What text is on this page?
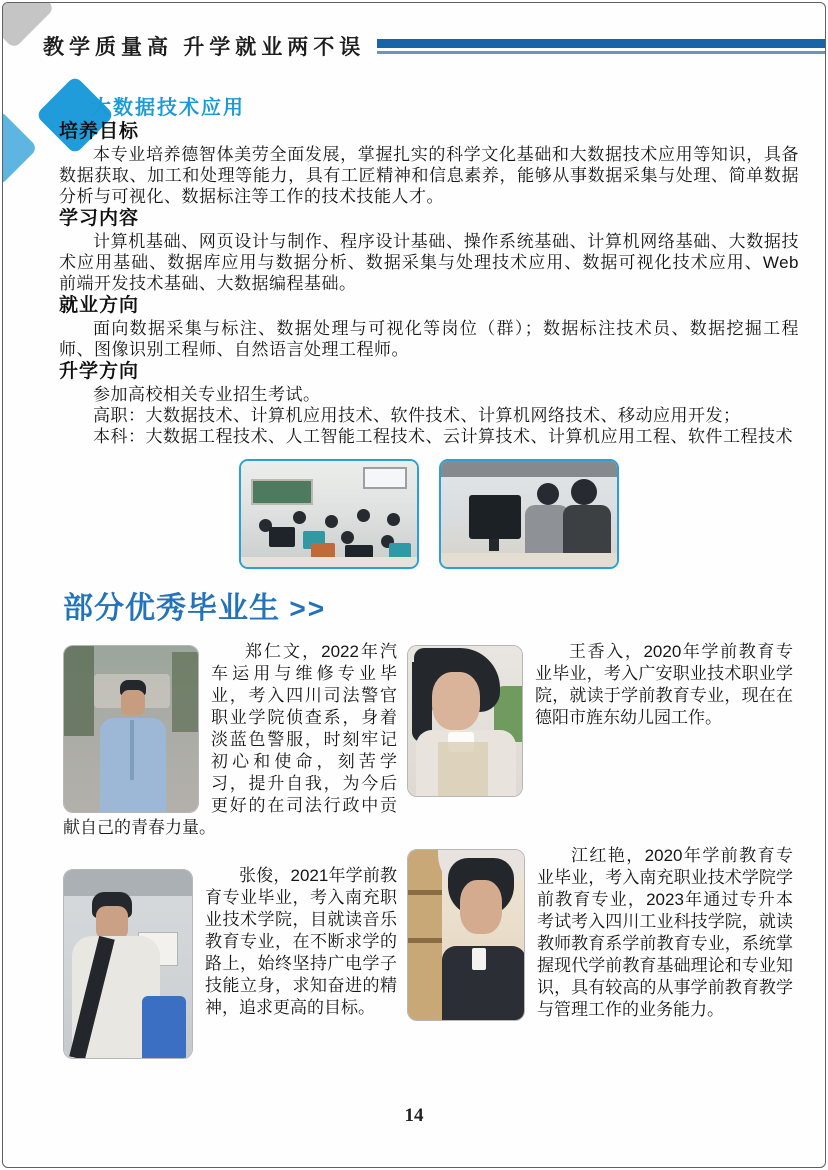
教学质量高 升学就业两不误
大数据技术应用
培养目标

本专业培养德智体美劳全面发展，掌握扎实的科学文化基础和大数据技术应用等知识，具备数据获取、加工和处理等能力，具有工匠精神和信息素养，能够从事数据采集与处理、简单数据分析与可视化、数据标注等工作的技术技能人才。

学习内容

计算机基础、网页设计与制作、程序设计基础、操作系统基础、计算机网络基础、大数据技术应用基础、数据库应用与数据分析、数据采集与处理技术应用、数据可视化技术应用、Web 前端开发技术基础、大数据编程基础。

就业方向

面向数据采集与标注、数据处理与可视化等岗位（群）；数据标注技术员、数据挖掘工程师、图像识别工程师、自然语言处理工程师。

升学方向

参加高校相关专业招生考试。

高职：大数据技术、计算机应用技术、软件技术、计算机网络技术、移动应用开发；

本科：大数据工程技术、人工智能工程技术、云计算技术、计算机应用工程、软件工程技术

部分优秀毕业生 >>

郑仁文，2022年汽车运用与维修专业毕业，考入四川司法警官职业学院侦查系，身着淡蓝色警服，时刻牢记初心和使命，刻苦学习，提升自我，为今后更好的在司法行政中贡献自己的青春力量。

王香入，2020年学前教育专业毕业，考入广安职业技术职业学院，就读于学前教育专业，现在在德阳市旌东幼儿园工作。

张俊，2021年学前教育专业毕业，考入南充职业技术学院，目就读音乐教育专业，在不断求学的路上，始终坚持广电学子技能立身，求知奋进的精神，追求更高的目标。

江红艳，2020年学前教育专业毕业，考入南充职业技术学院学前教育专业，2023年通过专升本考试考入四川工业科技学院，就读教师教育系学前教育专业，系统掌握现代学前教育基础理论和专业知识，具有较高的从事学前教育教学与管理工作的业务能力。

14
